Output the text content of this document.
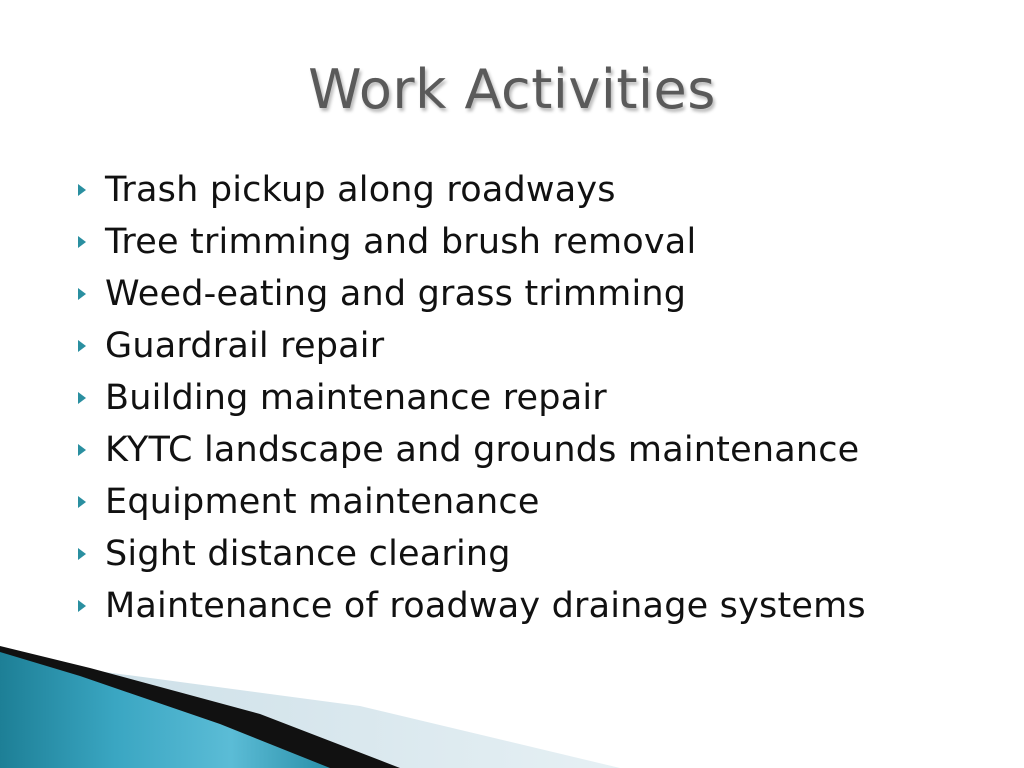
Work Activities
Trash pickup along roadways
Tree trimming and brush removal
Weed-eating and grass trimming
Guardrail repair
Building maintenance repair
KYTC landscape and grounds maintenance
Equipment maintenance
Sight distance clearing
Maintenance of roadway drainage systems
